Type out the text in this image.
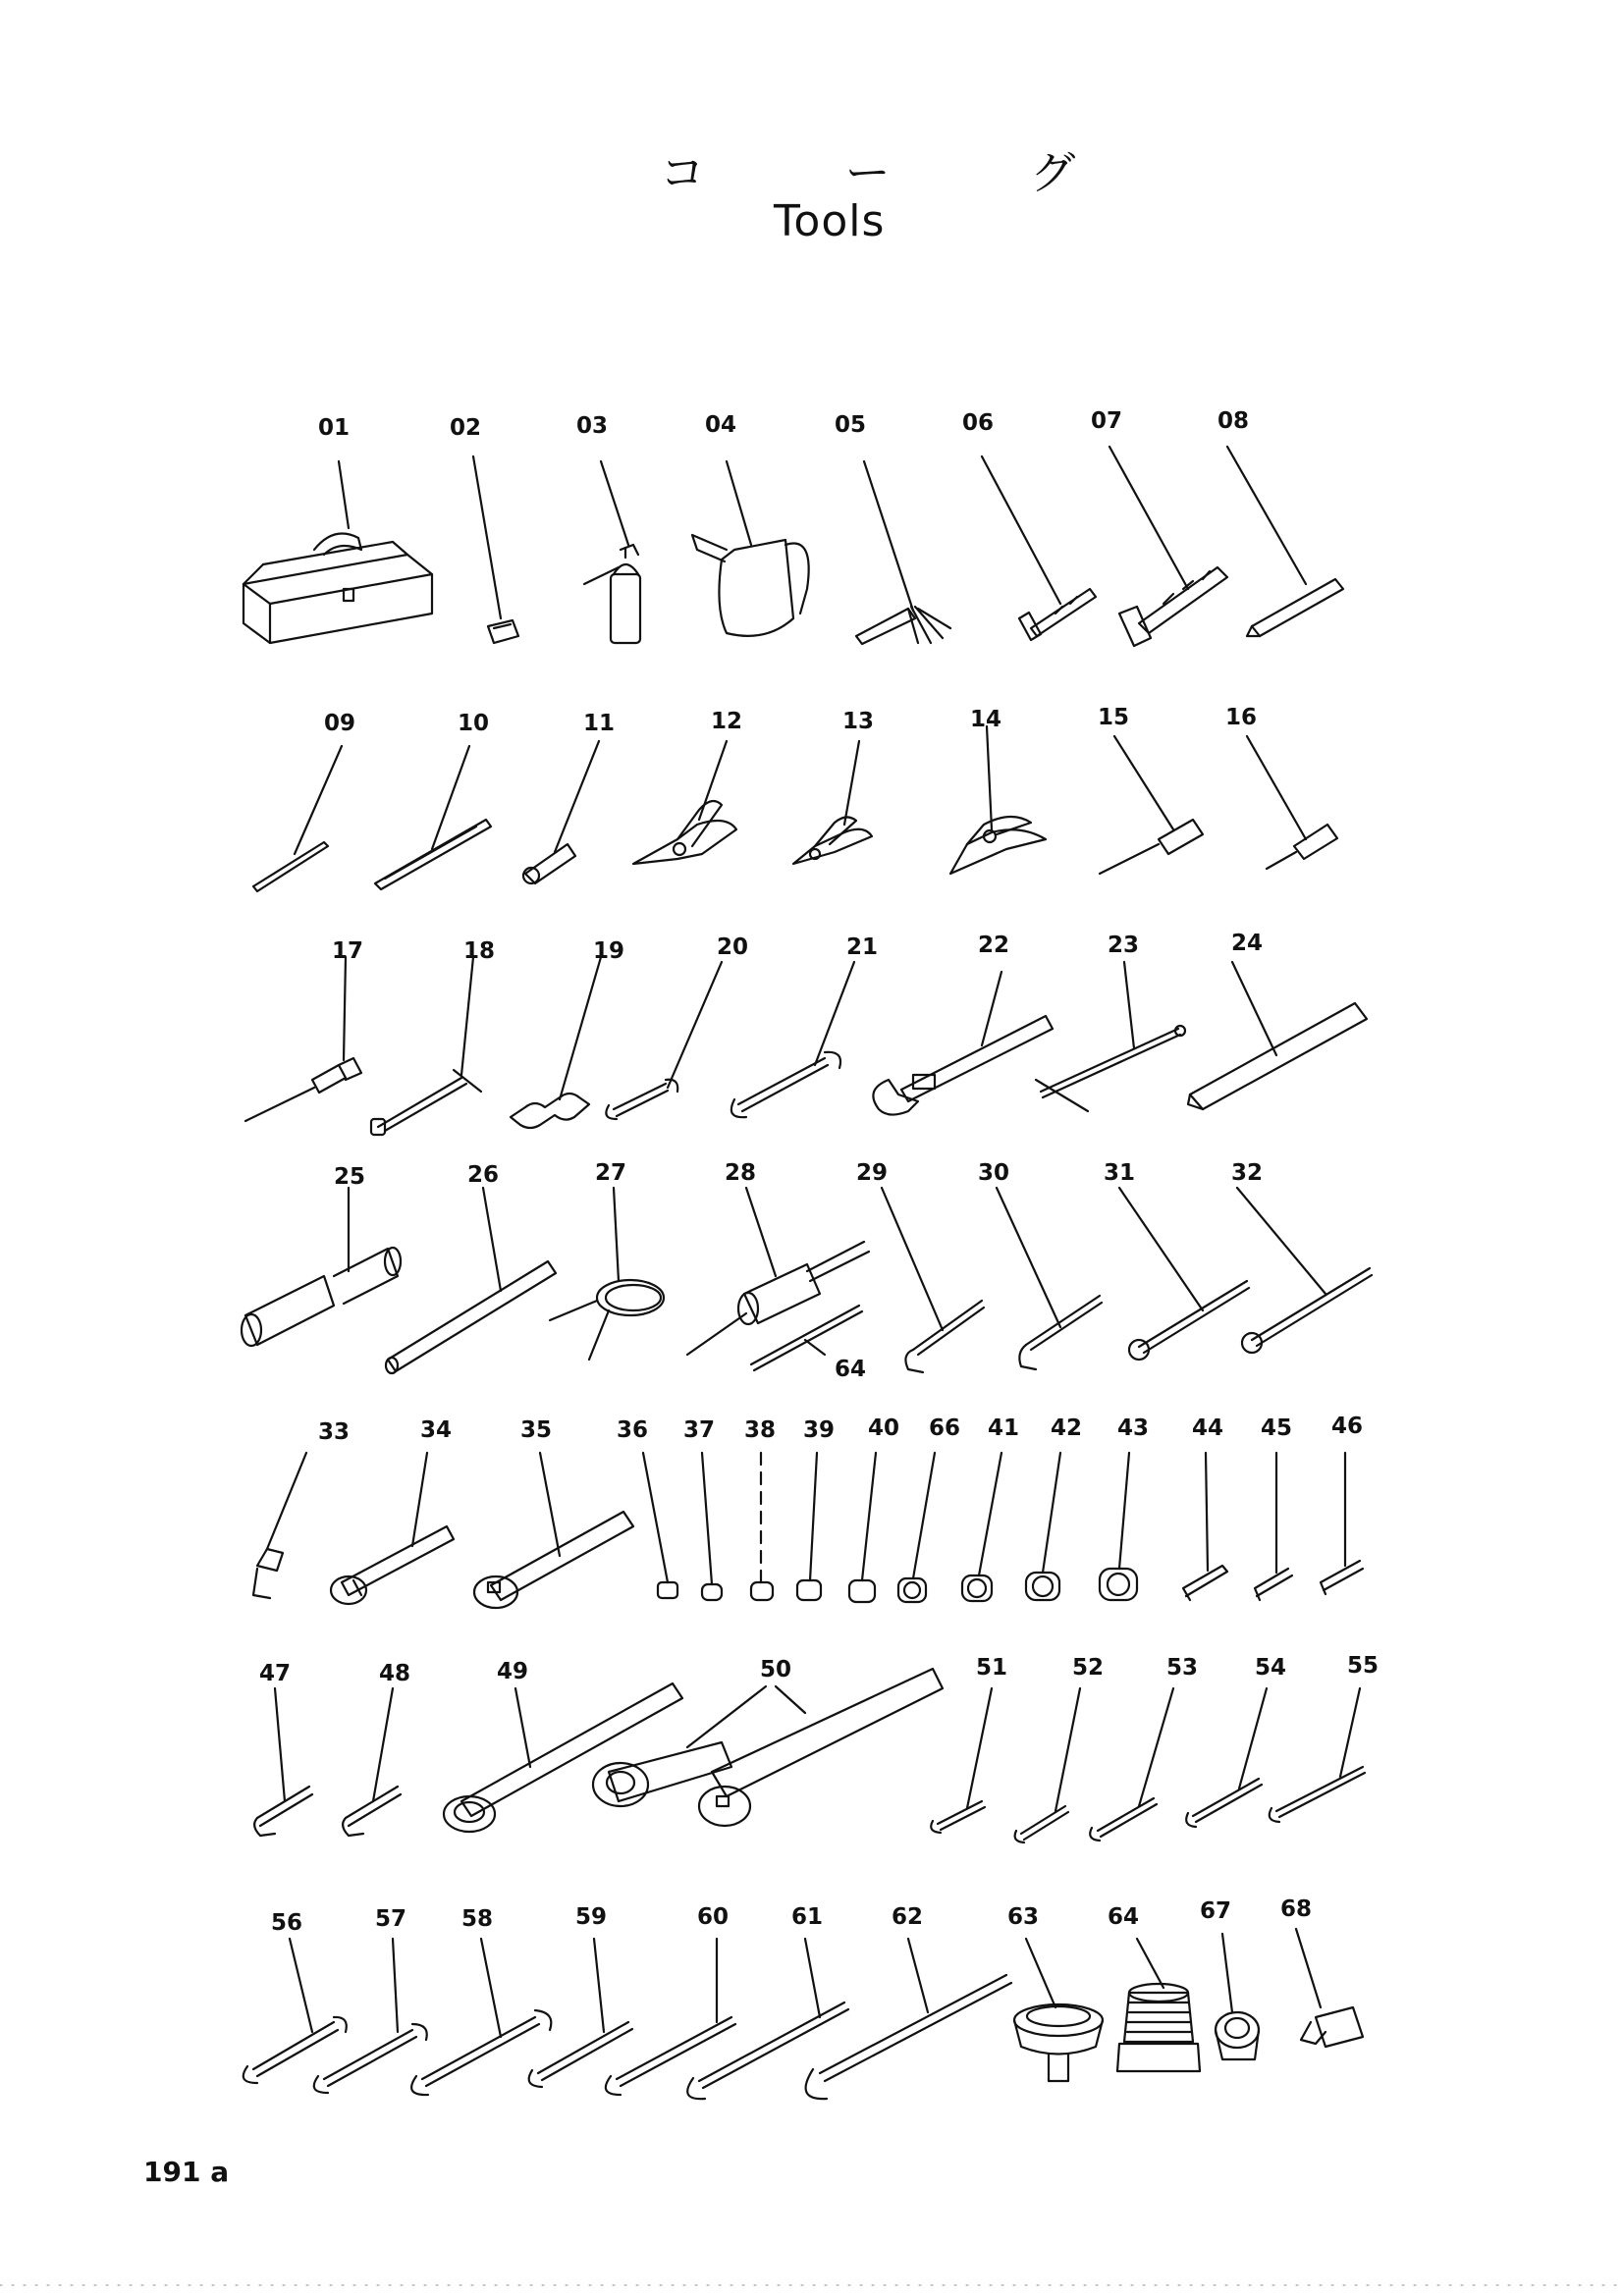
コ ー グ
Tools
01	02	03	04	05	06	07	08
09	10	11	12	13	14	15	16
17	18	19	20	21	22	23	24
25	26	27	28	29	30	31	32
64
33	34	35	36 37 38 39 40 66 41 42 43 44 45 46
47	48	49	50	51	52	53	54	55
56	57 58	59	60	61	62	63	64	67 68
191 a
